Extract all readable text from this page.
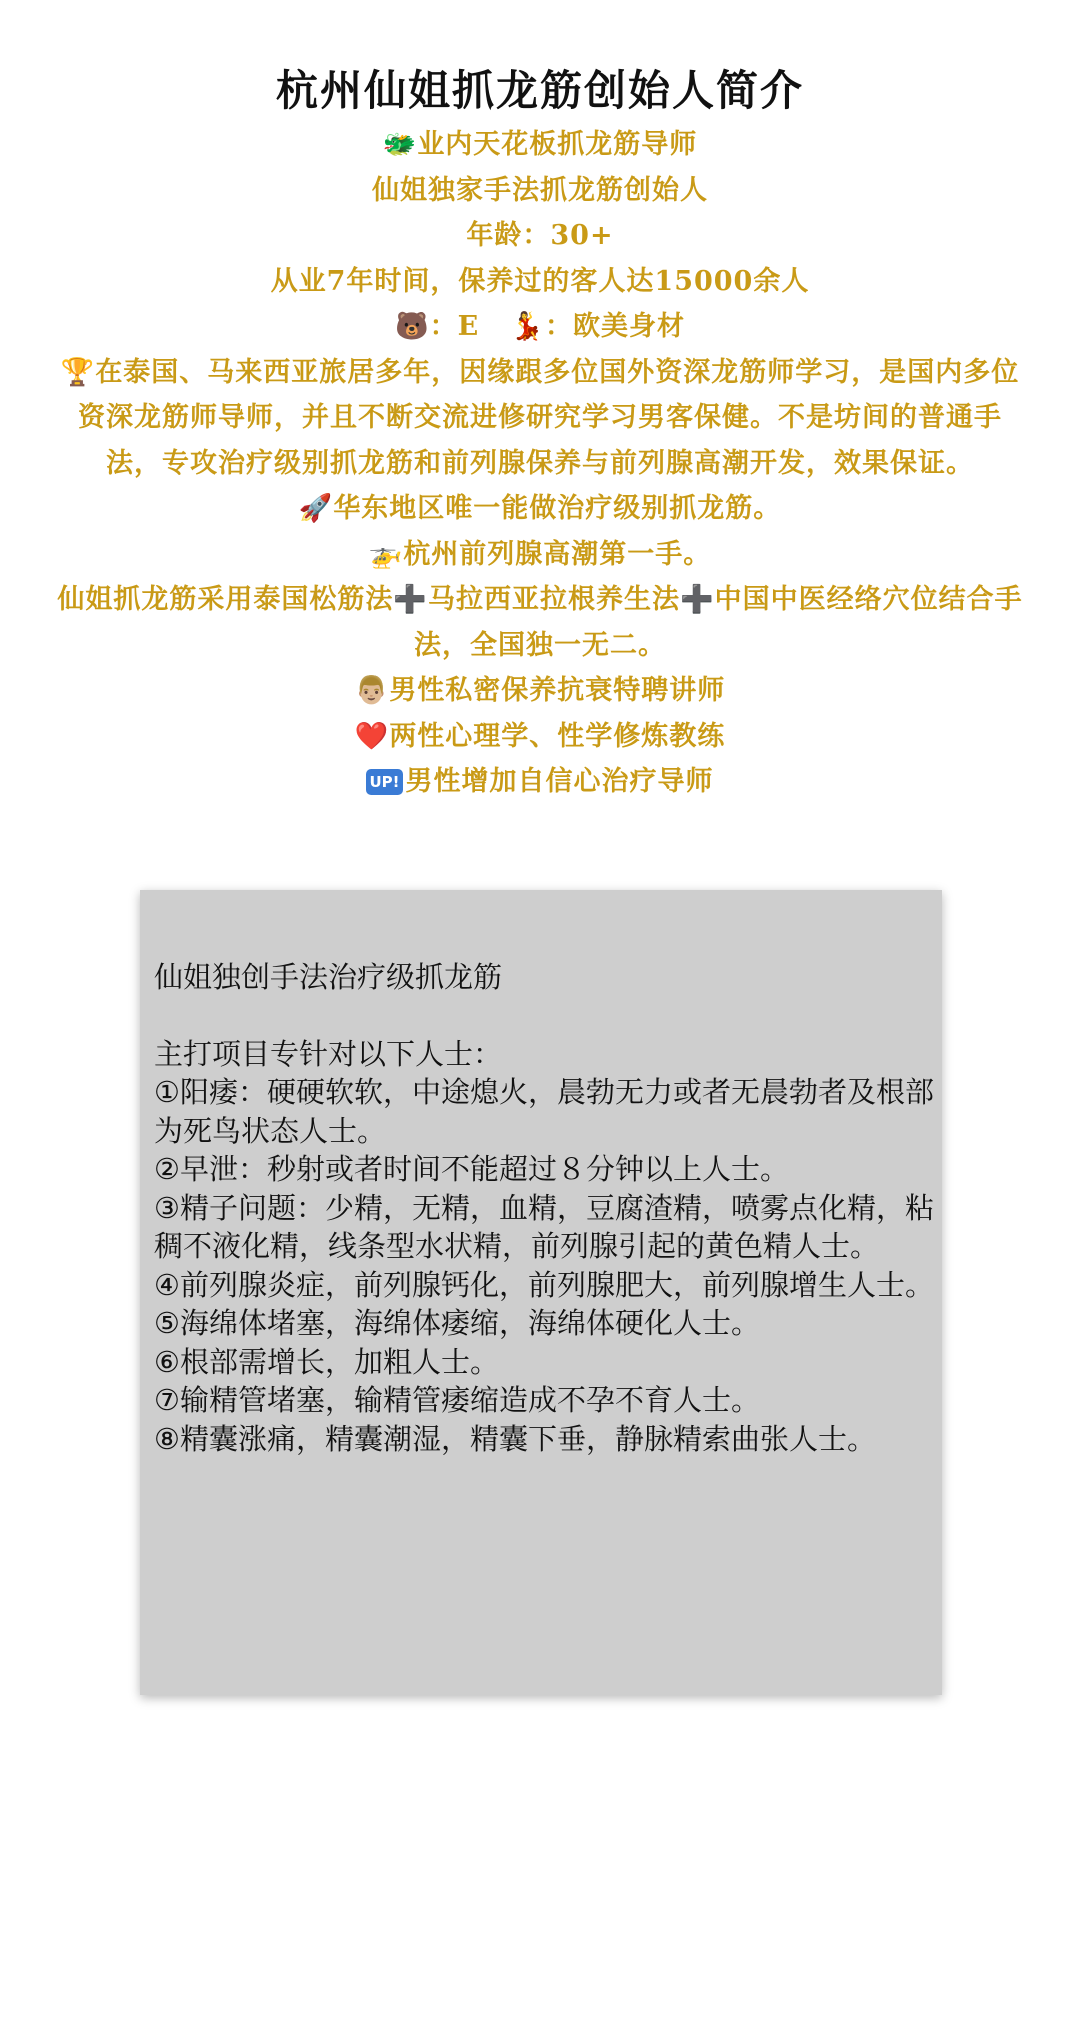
杭州仙姐抓龙筋创始人简介
🐲业内天花板抓龙筋导师
仙姐独家手法抓龙筋创始人
年龄：30+
从业7年时间，保养过的客人达15000余人
🐻：E 💃：欧美身材
🏆在泰国、马来西亚旅居多年，因缘跟多位国外资深龙筋师学习，是国内多位资深龙筋师导师，并且不断交流进修研究学习男客保健。不是坊间的普通手法，专攻治疗级别抓龙筋和前列腺保养与前列腺高潮开发，效果保证。
🚀华东地区唯一能做治疗级别抓龙筋。
🚁杭州前列腺高潮第一手。
仙姐抓龙筋采用泰国松筋法➕马拉西亚拉根养生法➕中国中医经络穴位结合手法，全国独一无二。
👨🏼男性私密保养抗衰特聘讲师
❤️两性心理学、性学修炼教练
UP! 男性增加自信心治疗导师

仙姐独创手法治疗级抓龙筋

主打项目专针对以下人士：

①阳痿：硬硬软软，中途熄火，晨勃无力或者无晨勃者及根部为死鸟状态人士。
②早泄：秒射或者时间不能超过８分钟以上人士。
③精子问题：少精，无精，血精，豆腐渣精，喷雾点化精，粘稠不液化精，线条型水状精，前列腺引起的黄色精人士。
④前列腺炎症，前列腺钙化，前列腺肥大，前列腺增生人士。
⑤海绵体堵塞，海绵体痿缩，海绵体硬化人士。
⑥根部需增长，加粗人士。
⑦输精管堵塞，输精管痿缩造成不孕不育人士。
⑧精囊涨痛，精囊潮湿，精囊下垂，静脉精索曲张人士。
